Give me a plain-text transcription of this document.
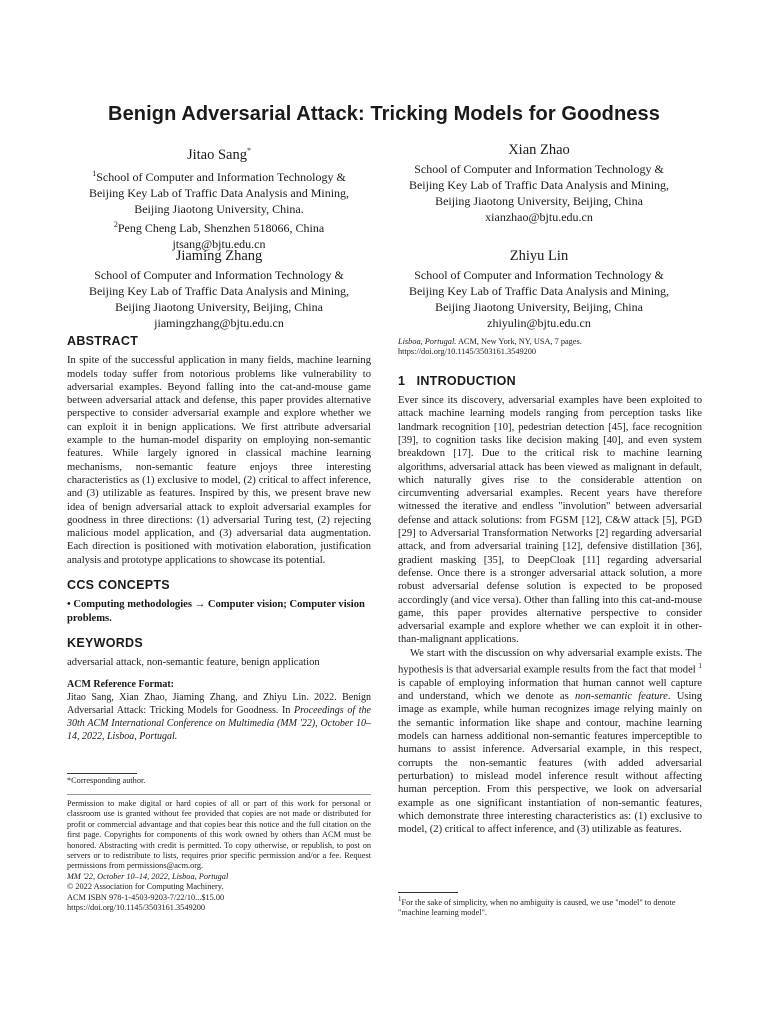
Benign Adversarial Attack: Tricking Models for Goodness
Jitao Sang*
$^1$School of Computer and Information Technology &
Beijing Key Lab of Traffic Data Analysis and Mining,
Beijing Jiaotong University, China.
$^2$Peng Cheng Lab, Shenzhen 518066, China
jtsang@bjtu.edu.cn
Xian Zhao
School of Computer and Information Technology &
Beijing Key Lab of Traffic Data Analysis and Mining,
Beijing Jiaotong University, Beijing, China
xianzhao@bjtu.edu.cn
Jiaming Zhang
School of Computer and Information Technology &
Beijing Key Lab of Traffic Data Analysis and Mining,
Beijing Jiaotong University, Beijing, China
jiamingzhang@bjtu.edu.cn
Zhiyu Lin
School of Computer and Information Technology &
Beijing Key Lab of Traffic Data Analysis and Mining,
Beijing Jiaotong University, Beijing, China
zhiyulin@bjtu.edu.cn
ABSTRACT

In spite of the successful application in many fields, machine learning models today suffer from notorious problems like vulnerability to adversarial examples. Beyond falling into the cat-and-mouse game between adversarial attack and defense, this paper provides alternative perspective to consider adversarial example and explore whether we can exploit it in benign applications. We first attribute adversarial example to the human-model disparity on employing non-semantic features. While largely ignored in classical machine learning mechanisms, non-semantic feature enjoys three interesting characteristics as (1) exclusive to model, (2) critical to affect inference, and (3) utilizable as features. Inspired by this, we present brave new idea of benign adversarial attack to exploit adversarial examples for goodness in three directions: (1) adversarial Turing test, (2) rejecting malicious model application, and (3) adversarial data augmentation. Each direction is positioned with motivation elaboration, justification analysis and prototype applications to showcase its potential.

CCS CONCEPTS

• Computing methodologies → Computer vision; Computer vision problems.

KEYWORDS

adversarial attack, non-semantic feature, benign application

ACM Reference Format:

Jitao Sang, Xian Zhao, Jiaming Zhang, and Zhiyu Lin. 2022. Benign Adversarial Attack: Tricking Models for Goodness. In Proceedings of the 30th ACM International Conference on Multimedia (MM '22), October 10–14, 2022, Lisboa, Portugal.

*Corresponding author.

Permission to make digital or hard copies of all or part of this work for personal or classroom use is granted without fee provided that copies are not made or distributed for profit or commercial advantage and that copies bear this notice and the full citation on the first page. Copyrights for components of this work owned by others than ACM must be honored. Abstracting with credit is permitted. To copy otherwise, or republish, to post on servers or to redistribute to lists, requires prior specific permission and/or a fee. Request permissions from permissions@acm.org.

MM '22, October 10–14, 2022, Lisboa, Portugal

© 2022 Association for Computing Machinery.

ACM ISBN 978-1-4503-9203-7/22/10...$15.00

https://doi.org/10.1145/3503161.3549200

Lisboa, Portugal. ACM, New York, NY, USA, 7 pages. https://doi.org/10.1145/3503161.3549200

1   INTRODUCTION

Ever since its discovery, adversarial examples have been exploited to attack machine learning models ranging from perception tasks like landmark recognition [10], pedestrian detection [45], face recognition [39], to cognition tasks like decision making [40], and even system breakdown [17]. Due to the critical risk to machine learning algorithms, adversarial attack has been viewed as malignant in default, which naturally gives rise to the considerable attention on circumventing adversarial examples. Recent years have therefore witnessed the iterative and endless "involution" between adversarial defense and attack solutions: from FGSM [12], C&W attack [5], PGD [29] to Adversarial Transformation Networks [2] regarding adversarial attack, and from adversarial training [12], defensive distillation [36], gradient masking [35], to DeepCloak [11] regarding adversarial defense. Once there is a stronger adversarial attack solution, a more robust adversarial defense solution is expected to be proposed accordingly (and vice versa). Other than falling into this cat-and-mouse game, this paper provides alternative perspective to consider adversarial example and explore whether we can exploit it in other-than-malignant applications.

We start with the discussion on why adversarial example exists. The hypothesis is that adversarial example results from the fact that model $^1$ is capable of employing information that human cannot well capture and understand, which we denote as non-semantic feature. Using image as example, while human recognizes image relying mainly on the semantic information like shape and contour, machine learning models can harness additional non-semantic features imperceptible to humans to assist inference. Adversarial example, in this respect, corrupts the non-semantic features (with added adversarial perturbation) to mislead model inference result without affecting human perception. From this perspective, we look on adversarial example as one significant instantiation of non-semantic features, which demonstrate three interesting characteristics as: (1) exclusive to model, (2) critical to affect inference, and (3) utilizable as features.

$^1$For the sake of simplicity, when no ambiguity is caused, we use "model" to denote "machine learning model".
